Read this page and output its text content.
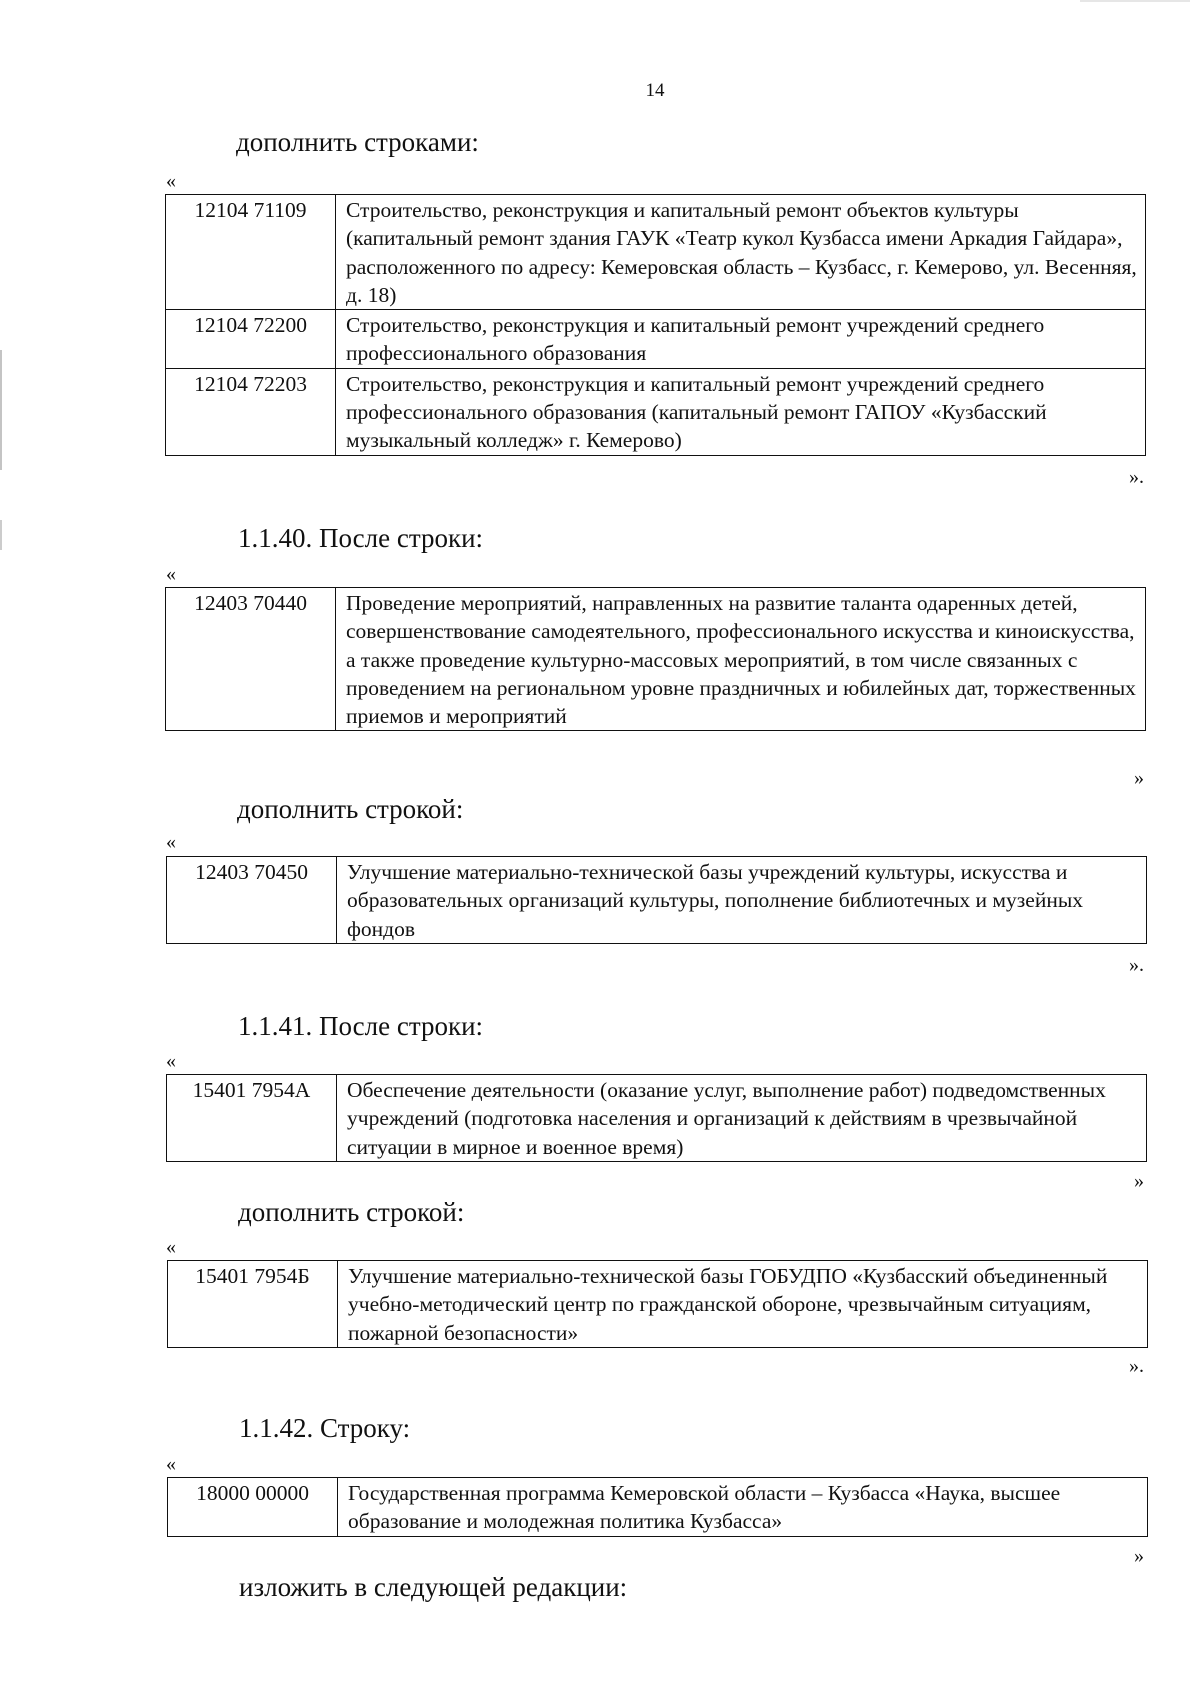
14
дополнить строками:
«
12104 71109	Строительство, реконструкция и капитальный ремонт объектов культуры (капитальный ремонт здания ГАУК «Театр кукол Кузбасса имени Аркадия Гайдара», расположенного по адресу: Кемеровская область – Кузбасс, г. Кемерово, ул. Весенняя, д. 18)
12104 72200	Строительство, реконструкция и капитальный ремонт учреждений среднего профессионального образования
12104 72203	Строительство, реконструкция и капитальный ремонт учреждений среднего профессионального образования (капитальный ремонт ГАПОУ «Кузбасский музыкальный колледж» г. Кемерово)
».
1.1.40. После строки:
«
12403 70440	Проведение мероприятий, направленных на развитие таланта одаренных детей, совершенствование самодеятельного, профессионального искусства и киноискусства, а также проведение культурно-массовых мероприятий, в том числе связанных с проведением на региональном уровне праздничных и юбилейных дат, торжественных приемов и мероприятий
»
дополнить строкой:
«
12403 70450	Улучшение материально-технической базы учреждений культуры, искусства и образовательных организаций культуры, пополнение библиотечных и музейных фондов
».
1.1.41. После строки:
«
15401 7954А	Обеспечение деятельности (оказание услуг, выполнение работ) подведомственных учреждений (подготовка населения и организаций к действиям в чрезвычайной ситуации в мирное и военное время)
»
дополнить строкой:
«
15401 7954Б	Улучшение материально-технической базы ГОБУДПО «Кузбасский объединенный учебно-методический центр по гражданской обороне, чрезвычайным ситуациям, пожарной безопасности»
».
1.1.42. Строку:
«
18000 00000	Государственная программа Кемеровской области – Кузбасса «Наука, высшее образование и молодежная политика Кузбасса»
»
изложить в следующей редакции:
